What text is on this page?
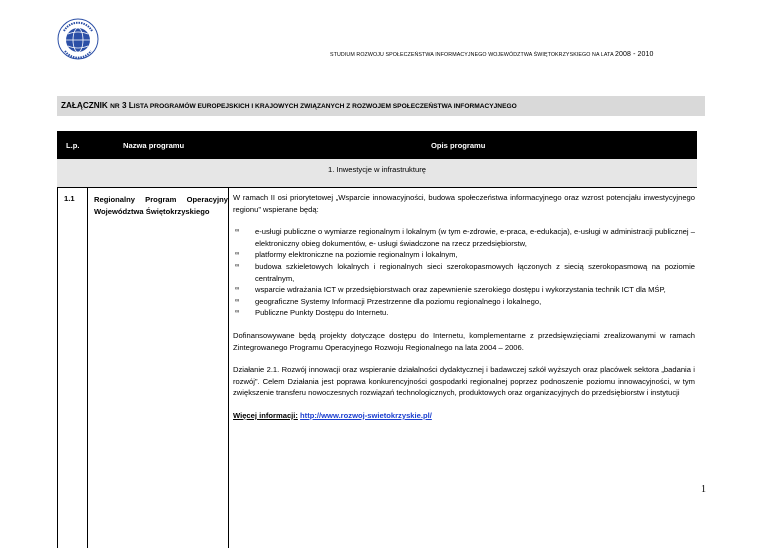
STUDIUM ROZWOJU SPOŁECZEŃSTWA INFORMACYJNEGO WOJEWÓDZTWA ŚWIĘTOKRZYSKIEGO NA LATA 2008 - 2010
ZAŁĄCZNIK NR 3 LISTA PROGRAMÓW EUROPEJSKICH I KRAJOWYCH ZWIĄZANYCH Z ROZWOJEM SPOŁECZEŃSTWA INFORMACYJNEGO
L.p.	Nazwa programu	Opis programu
1. Inwestycje w infrastrukturę
1.1	Regionalny Program Operacyjny Województwa Świętokrzyskiego

W ramach II osi priorytetowej „Wsparcie innowacyjności, budowa społeczeństwa informacyjnego oraz wzrost potencjału inwestycyjnego regionu” wspierane będą:

∞ e-usługi publiczne o wymiarze regionalnym i lokalnym (w tym e-zdrowie, e-praca, e-edukacja), e-usługi w administracji publicznej – elektroniczny obieg dokumentów, e- usługi świadczone na rzecz przedsiębiorstw,
∞ platformy elektroniczne na poziomie regionalnym i lokalnym,
∞ budowa szkieletowych lokalnych i regionalnych sieci szerokopasmowych łączonych z siecią szerokopasmową na poziomie centralnym,
∞ wsparcie wdrażania ICT w przedsiębiorstwach oraz zapewnienie szerokiego dostępu i wykorzystania technik ICT dla MŚP,
∞ geograficzne Systemy Informacji Przestrzenne dla poziomu regionalnego i lokalnego,
∞ Publiczne Punkty Dostępu do Internetu.

Dofinansowywane będą projekty dotyczące dostępu do Internetu, komplementarne z przedsięwzięciami zrealizowanymi w ramach Zintegrowanego Programu Operacyjnego Rozwoju Regionalnego na lata 2004 – 2006.

Działanie 2.1. Rozwój innowacji oraz wspieranie działalności dydaktycznej i badawczej szkół wyższych oraz placówek sektora „badania i rozwój”. Celem Działania jest poprawa konkurencyjności gospodarki regionalnej poprzez podnoszenie poziomu innowacyjności, w tym zwiększenie transferu nowoczesnych rozwiązań technologicznych, produktowych oraz organizacyjnych do przedsiębiorstw i instytucji

Więcej informacji: http://www.rozwoj-swietokrzyskie.pl/

1
